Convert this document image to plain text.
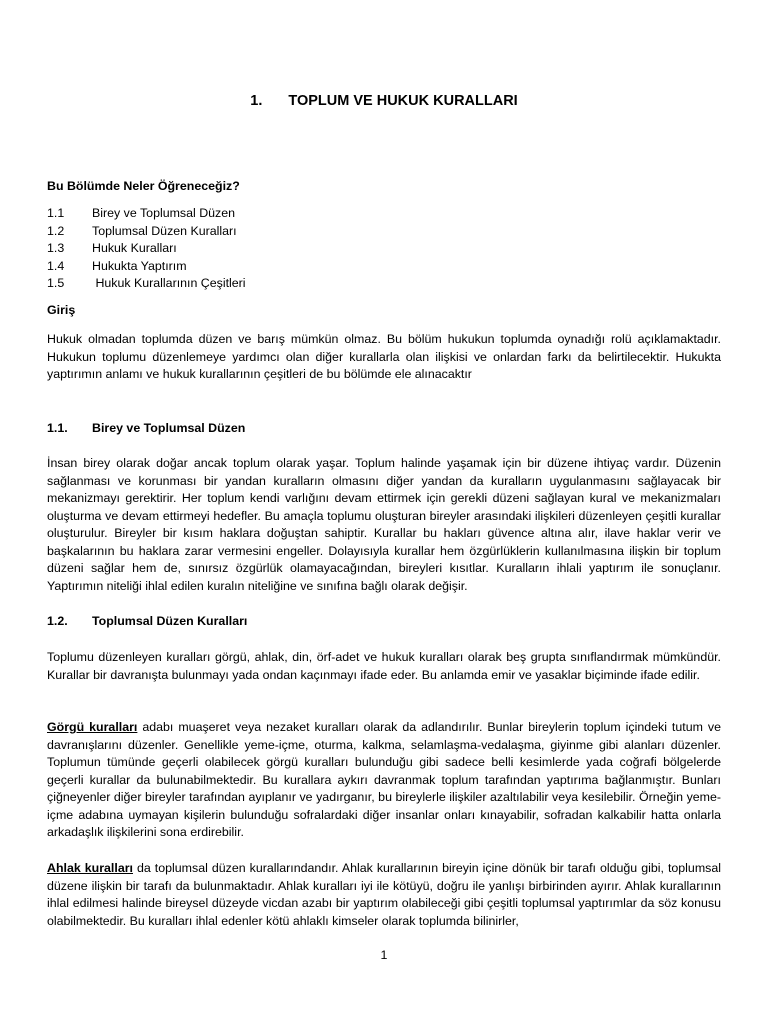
1. TOPLUM VE HUKUK KURALLARI
Bu Bölümde Neler Öğreneceğiz?
1.1 Birey ve Toplumsal Düzen
1.2 Toplumsal Düzen Kuralları
1.3 Hukuk Kuralları
1.4 Hukukta Yaptırım
1.5 Hukuk Kurallarının Çeşitleri
Giriş

Hukuk olmadan toplumda düzen ve barış mümkün olmaz. Bu bölüm hukukun toplumda oynadığı rolü açıklamaktadır. Hukukun toplumu düzenlemeye yardımcı olan diğer kurallarla olan ilişkisi ve onlardan farkı da belirtilecektir. Hukukta yaptırımın anlamı ve hukuk kurallarının çeşitleri de bu bölümde ele alınacaktır

1.1. Birey ve Toplumsal Düzen

İnsan birey olarak doğar ancak toplum olarak yaşar. Toplum halinde yaşamak için bir düzene ihtiyaç vardır. Düzenin sağlanması ve korunması bir yandan kuralların olmasını diğer yandan da kuralların uygulanmasını sağlayacak bir mekanizmayı gerektirir. Her toplum kendi varlığını devam ettirmek için gerekli düzeni sağlayan kural ve mekanizmaları oluşturma ve devam ettirmeyi hedefler. Bu amaçla toplumu oluşturan bireyler arasındaki ilişkileri düzenleyen çeşitli kurallar oluşturulur. Bireyler bir kısım haklara doğuştan sahiptir. Kurallar bu hakları güvence altına alır, ilave haklar verir ve başkalarının bu haklara zarar vermesini engeller. Dolayısıyla kurallar hem özgürlüklerin kullanılmasına ilişkin bir toplum düzeni sağlar hem de, sınırsız özgürlük olamayacağından, bireyleri kısıtlar. Kuralların ihlali yaptırım ile sonuçlanır. Yaptırımın niteliği ihlal edilen kuralın niteliğine ve sınıfına bağlı olarak değişir.

1.2. Toplumsal Düzen Kuralları

Toplumu düzenleyen kuralları görgü, ahlak, din, örf-adet ve hukuk kuralları olarak beş grupta sınıflandırmak mümkündür. Kurallar bir davranışta bulunmayı yada ondan kaçınmayı ifade eder. Bu anlamda emir ve yasaklar biçiminde ifade edilir.

Görgü kuralları adabı muaşeret veya nezaket kuralları olarak da adlandırılır. Bunlar bireylerin toplum içindeki tutum ve davranışlarını düzenler. Genellikle yeme-içme, oturma, kalkma, selamlaşma-vedalaşma, giyinme gibi alanları düzenler. Toplumun tümünde geçerli olabilecek görgü kuralları bulunduğu gibi sadece belli kesimlerde yada coğrafi bölgelerde geçerli kurallar da bulunabilmektedir. Bu kurallara aykırı davranmak toplum tarafından yaptırıma bağlanmıştır. Bunları çiğneyenler diğer bireyler tarafından ayıplanır ve yadırganır, bu bireylerle ilişkiler azaltılabilir veya kesilebilir. Örneğin yeme-içme adabına uymayan kişilerin bulunduğu sofralardaki diğer insanlar onları kınayabilir, sofradan kalkabilir hatta onlarla arkadaşlık ilişkilerini sona erdirebilir.

Ahlak kuralları da toplumsal düzen kurallarındandır. Ahlak kurallarının bireyin içine dönük bir tarafı olduğu gibi, toplumsal düzene ilişkin bir tarafı da bulunmaktadır. Ahlak kuralları iyi ile kötüyü, doğru ile yanlışı birbirinden ayırır. Ahlak kurallarının ihlal edilmesi halinde bireysel düzeyde vicdan azabı bir yaptırım olabileceği gibi çeşitli toplumsal yaptırımlar da söz konusu olabilmektedir. Bu kuralları ihlal edenler kötü ahlaklı kimseler olarak toplumda bilinirler,

1
